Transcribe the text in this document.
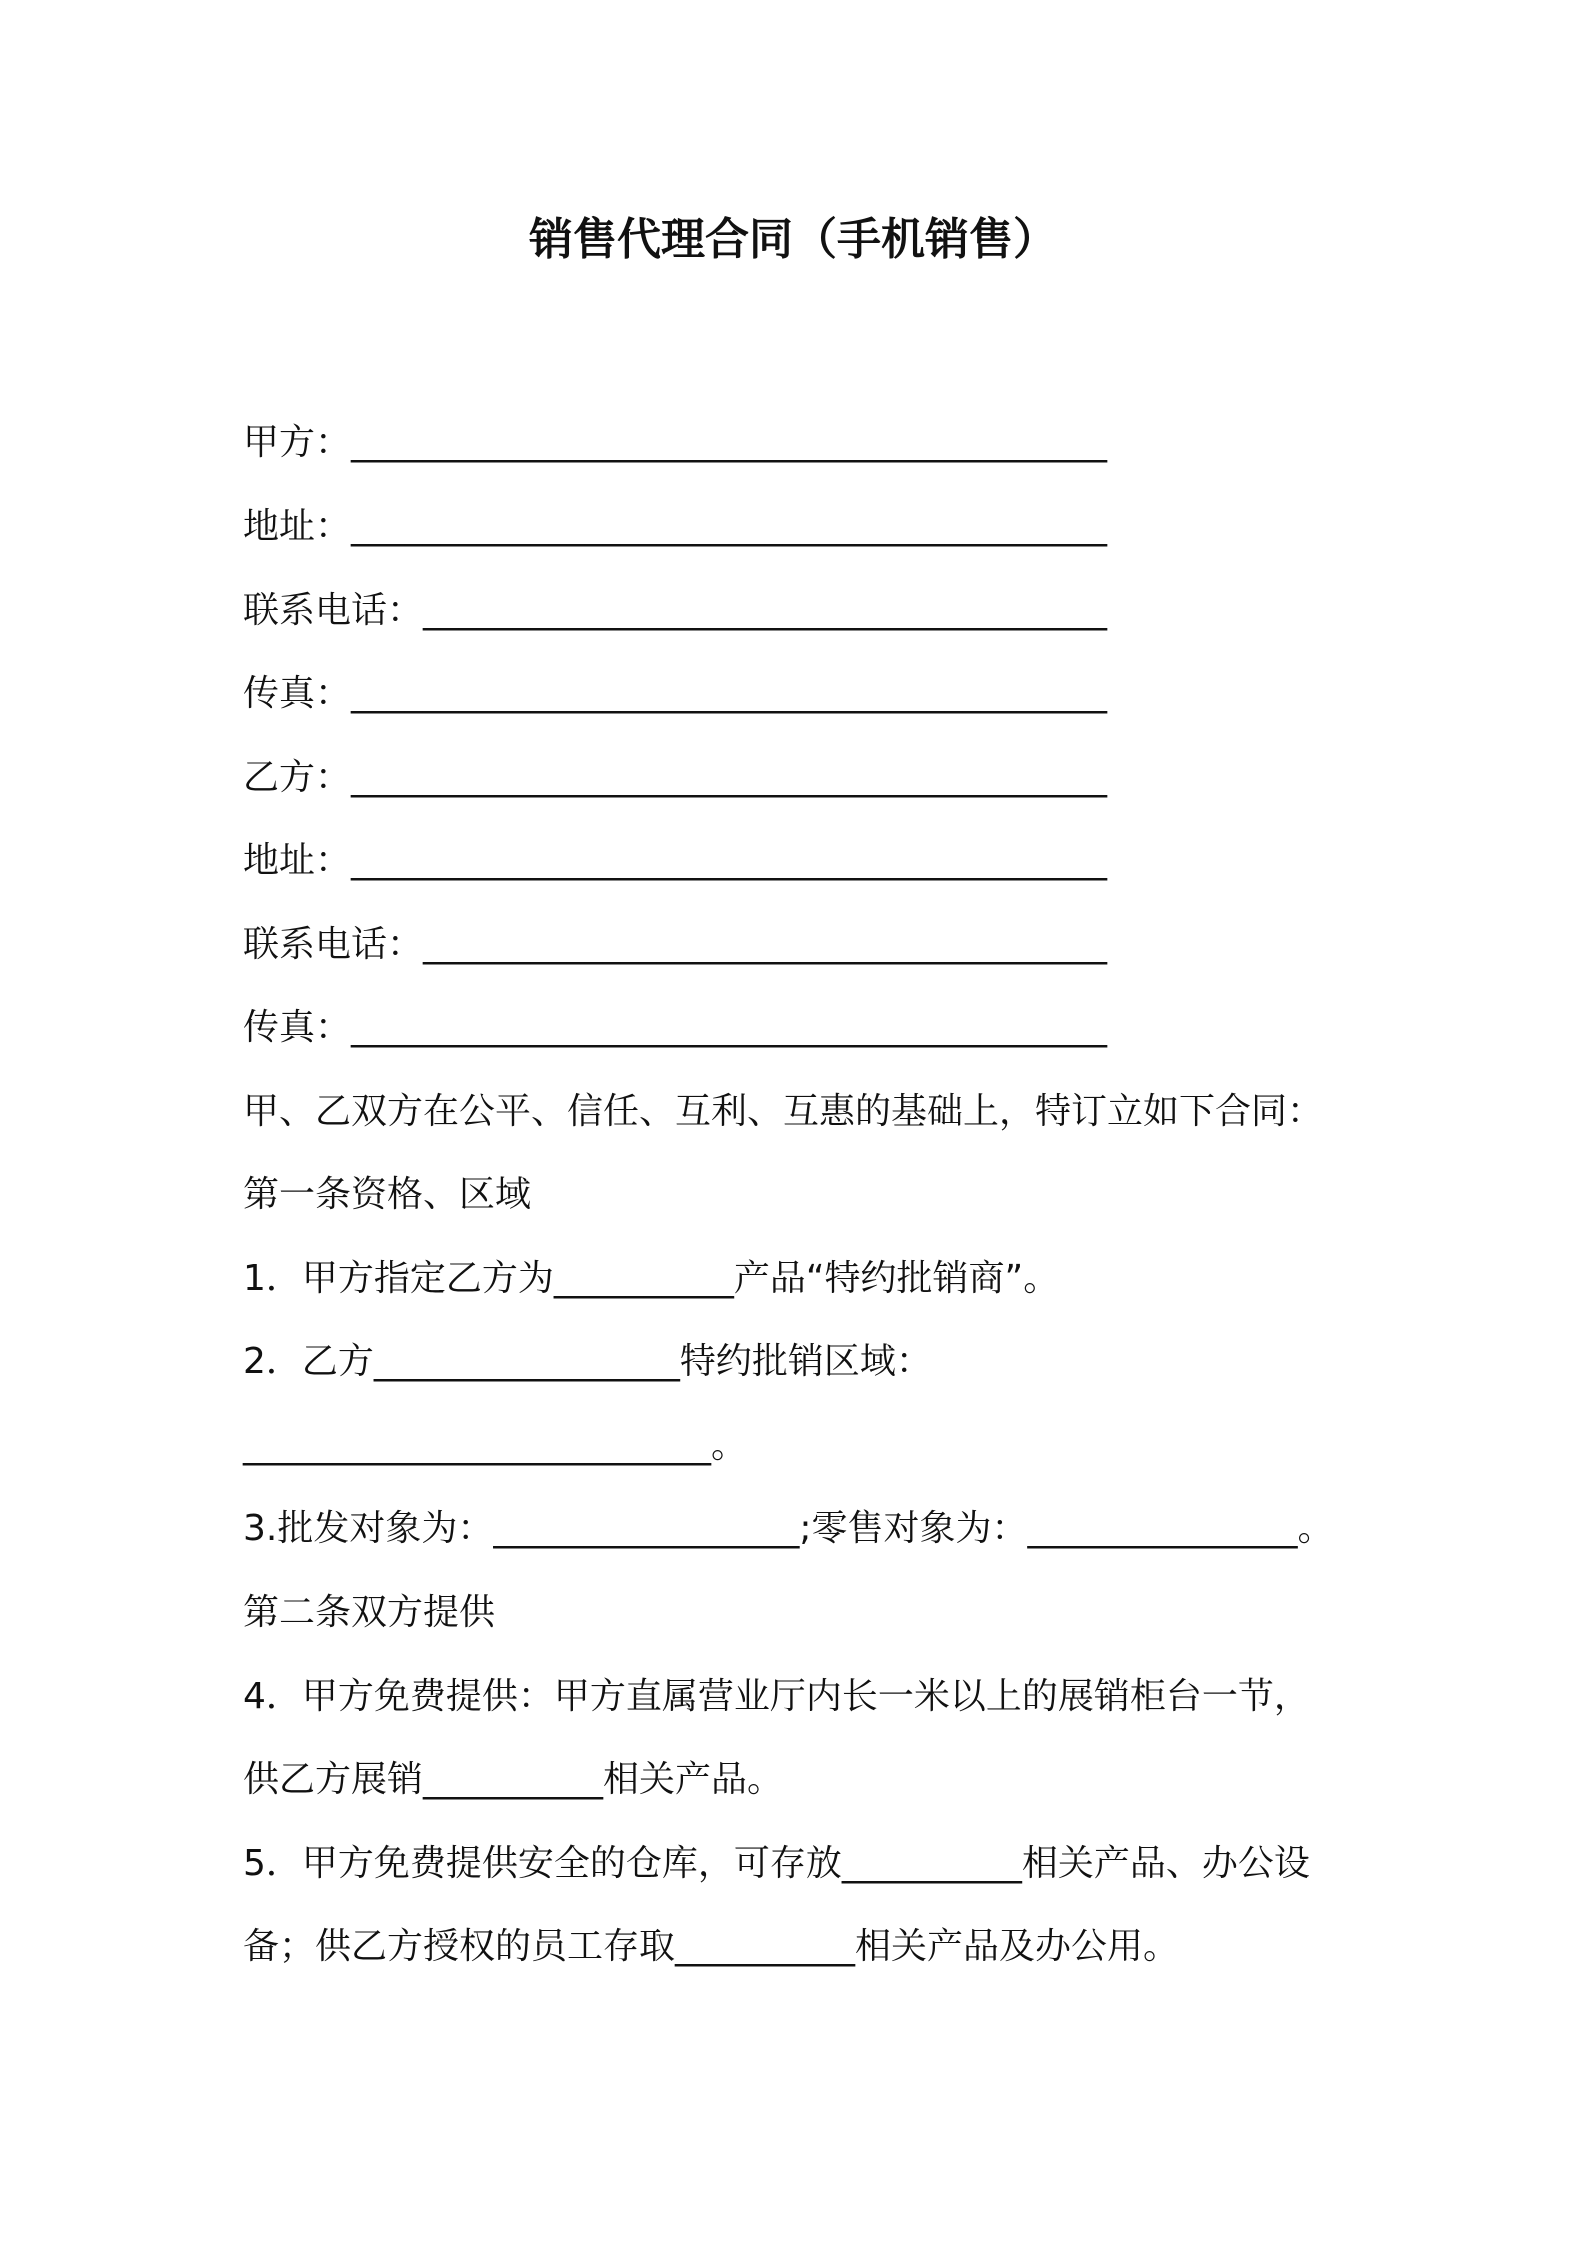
销售代理合同（手机销售）
甲方：__________________________________________
地址：__________________________________________
联系电话：______________________________________
传真：__________________________________________
乙方：__________________________________________
地址：__________________________________________
联系电话：______________________________________
传真：__________________________________________
甲、乙双方在公平、信任、互利、互惠的基础上，特订立如下合同：
第一条资格、区域
1．甲方指定乙方为__________产品“特约批销商”。
2．乙方_________________特约批销区域：
__________________________。
3.批发对象为：_________________;零售对象为：_______________。
第二条双方提供
4．甲方免费提供：甲方直属营业厅内长一米以上的展销柜台一节，
供乙方展销__________相关产品。
5．甲方免费提供安全的仓库，可存放__________相关产品、办公设
备；供乙方授权的员工存取__________相关产品及办公用。
